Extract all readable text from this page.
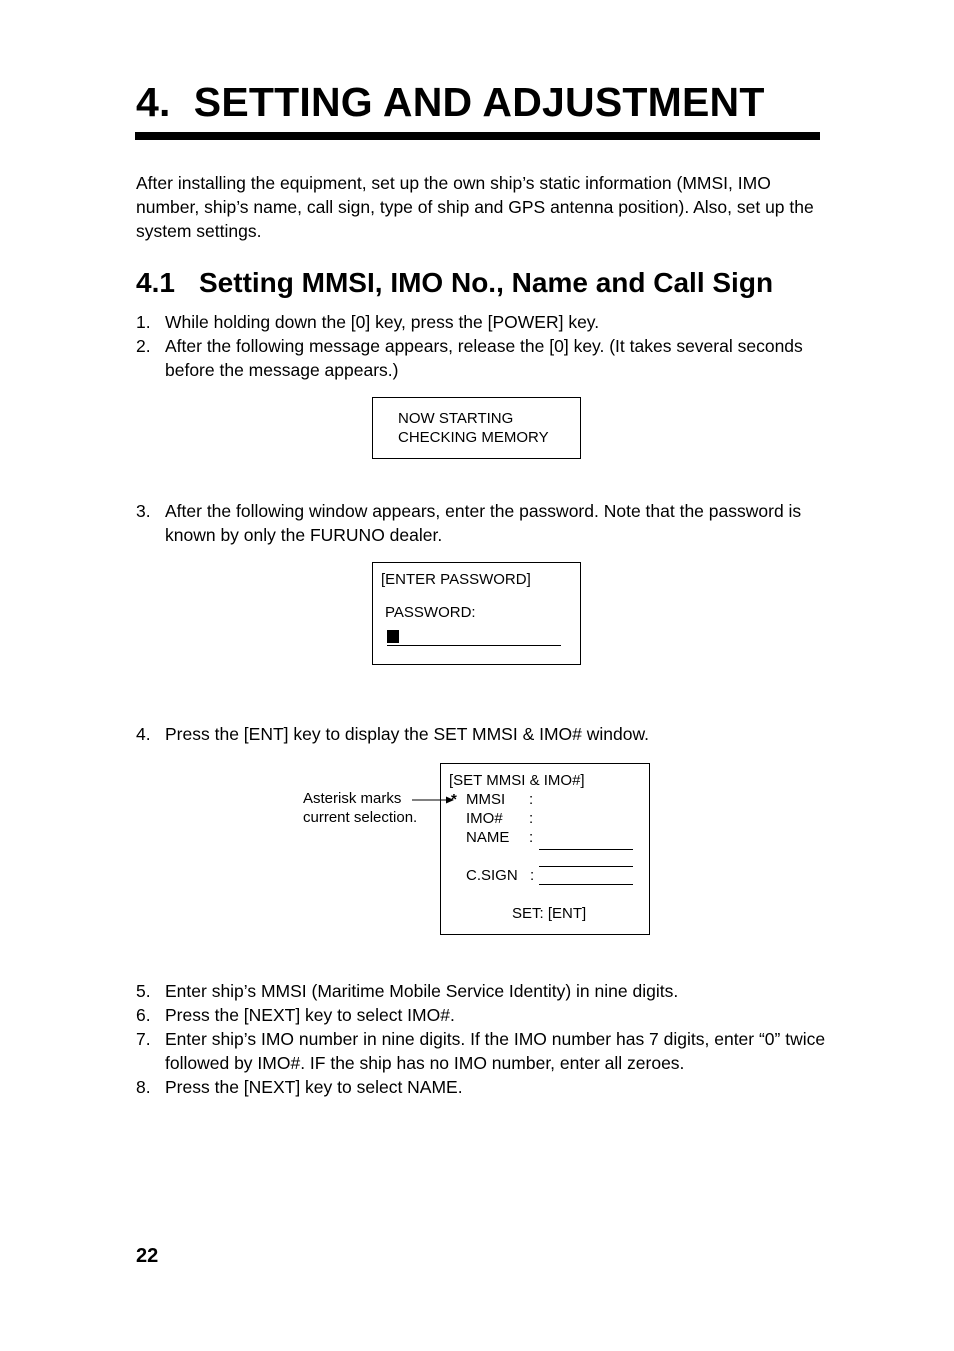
4. SETTING AND ADJUSTMENT

After installing the equipment, set up the own ship’s static information (MMSI, IMO number, ship’s name, call sign, type of ship and GPS antenna position). Also, set up the system settings.

4.1 Setting MMSI, IMO No., Name and Call Sign
1. While holding down the [0] key, press the [POWER] key.
2. After the following message appears, release the [0] key. (It takes several seconds before the message appears.)
NOW STARTING
CHECKING MEMORY
3. After the following window appears, enter the password. Note that the password is known by only the FURUNO dealer.
[ENTER PASSWORD]
PASSWORD:
4. Press the [ENT] key to display the SET MMSI & IMO# window.
Asterisk marks
current selection.
[SET MMSI & IMO#]
* MMSI :
IMO# :
NAME :
C.SIGN :
SET: [ENT]
5. Enter ship’s MMSI (Maritime Mobile Service Identity) in nine digits.
6. Press the [NEXT] key to select IMO#.
7. Enter ship’s IMO number in nine digits. If the IMO number has 7 digits, enter “0” twice followed by IMO#. IF the ship has no IMO number, enter all zeroes.
8. Press the [NEXT] key to select NAME.
22
